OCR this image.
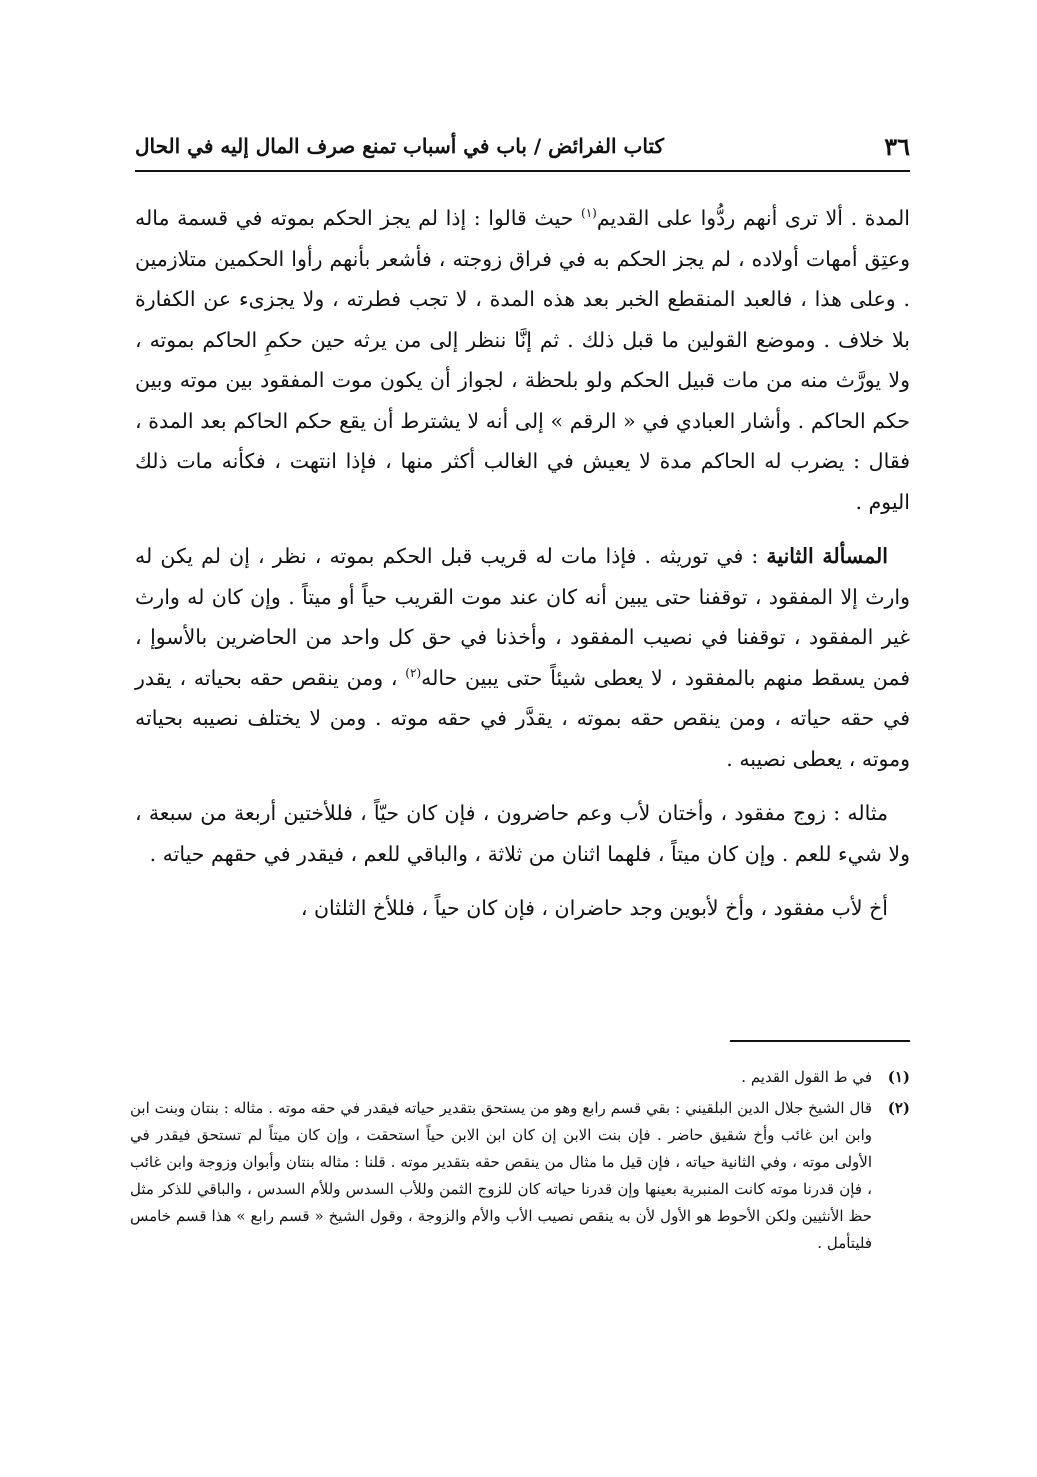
٣٦
كتاب الفرائض / باب في أسباب تمنع صرف المال إليه في الحال

المدة . ألا ترى أنهم ردُّوا على القديم$^{(١)}$ حيث قالوا : إذا لم يجز الحكم بموته في قسمة ماله وعتِق أمهات أولاده ، لم يجز الحكم به في فراق زوجته ، فأشعر بأنهم رأوا الحكمين متلازمين . وعلى هذا ، فالعبد المنقطع الخبر بعد هذه المدة ، لا تجب فطرته ، ولا يجزىء عن الكفارة بلا خلاف . وموضع القولين ما قبل ذلك . ثم إنَّا ننظر إلى من يرثه حين حكمِ الحاكم بموته ، ولا يورَّث منه من مات قبيل الحكم ولو بلحظة ، لجواز أن يكون موت المفقود بين موته وبين حكم الحاكم . وأشار العبادي في « الرقم » إلى أنه لا يشترط أن يقع حكم الحاكم بعد المدة ، فقال : يضرب له الحاكم مدة لا يعيش في الغالب أكثر منها ، فإذا انتهت ، فكأنه مات ذلك اليوم .

المسألة الثانية : في توريثه . فإذا مات له قريب قبل الحكم بموته ، نظر ، إن لم يكن له وارث إلا المفقود ، توقفنا حتى يبين أنه كان عند موت القريب حياً أو ميتاً . وإن كان له وارث غير المفقود ، توقفنا في نصيب المفقود ، وأخذنا في حق كل واحد من الحاضرين بالأسوإ ، فمن يسقط منهم بالمفقود ، لا يعطى شيئاً حتى يبين حاله$^{(٢)}$ ، ومن ينقص حقه بحياته ، يقدر في حقه حياته ، ومن ينقص حقه بموته ، يقدَّر في حقه موته . ومن لا يختلف نصيبه بحياته وموته ، يعطى نصيبه .

مثاله : زوج مفقود ، وأختان لأب وعم حاضرون ، فإن كان حيّاً ، فللأختين أربعة من سبعة ، ولا شيء للعم . وإن كان ميتاً ، فلهما اثنان من ثلاثة ، والباقي للعم ، فيقدر في حقهم حياته .

أخ لأب مفقود ، وأخ لأبوين وجد حاضران ، فإن كان حياً ، فللأخ الثلثان ،

(١)
في ط القول القديم .
(٢)
قال الشيخ جلال الدين البلقيني : بقي قسم رابع وهو من يستحق بتقدير حياته فيقدر في حقه موته . مثاله : بنتان وبنت ابن وابن ابن غائب وأخ شقيق حاضر . فإن بنت الابن إن كان ابن الابن حياً استحقت ، وإن كان ميتاً لم تستحق فيقدر في الأولى موته ، وفي الثانية حياته ، فإن قيل ما مثال من ينقص حقه بتقدير موته . قلنا : مثاله بنتان وأبوان وزوجة وابن غائب ، فإن قدرنا موته كانت المنبرية بعينها وإن قدرنا حياته كان للزوج الثمن وللأب السدس وللأم السدس ، والباقي للذكر مثل حظ الأنثيين ولكن الأحوط هو الأول لأن به ينقص نصيب الأب والأم والزوجة ، وقول الشيخ « قسم رابع » هذا قسم خامس فليتأمل .
